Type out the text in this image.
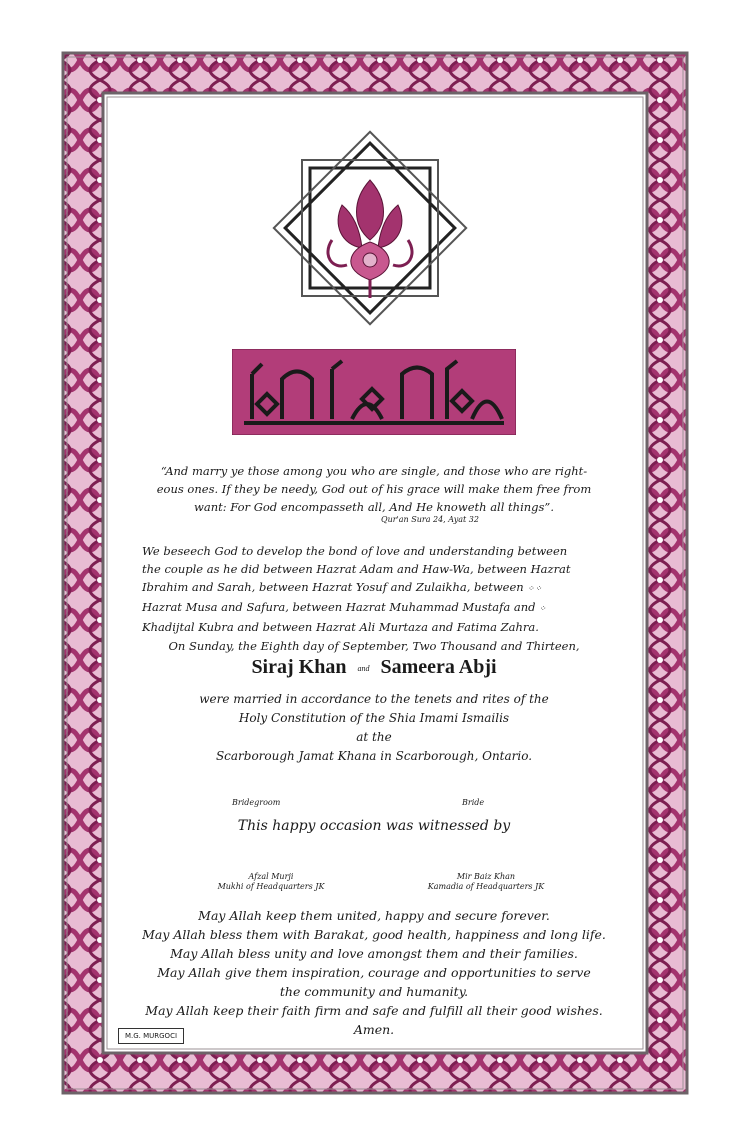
“And marry ye those among you who are single, and those who are right-
eous ones. If they be needy, God out of his grace will make them free from
want: For God encompasseth all, And He knoweth all things”.
Qur'an Sura 24, Ayat 32
We beseech God to develop the bond of love and understanding between
the couple as he did between Hazrat Adam and Haw-Wa, between Hazrat
Ibrahim and Sarah, between Hazrat Yosuf and Zulaikha, between ⁘⁘
Hazrat Musa and Safura, between Hazrat Muhammad Mustafa and ⁘
Khadijtal Kubra and between Hazrat Ali Murtaza and Fatima Zahra.
On Sunday, the Eighth day of September, Two Thousand and Thirteen,
Siraj Khan and Sameera Abji
were married in accordance to the tenets and rites of the
Holy Constitution of the Shia Imami Ismailis
at the
Scarborough Jamat Khana in Scarborough, Ontario.
Bridegroom	Bride
This happy occasion was witnessed by
Afzal Murji
Mukhi of Headquarters JK
Mir Baiz Khan
Kamadia of Headquarters JK
May Allah keep them united, happy and secure forever.
May Allah bless them with Barakat, good health, happiness and long life.
May Allah bless unity and love amongst them and their families.
May Allah give them inspiration, courage and opportunities to serve
the community and humanity.
May Allah keep their faith firm and safe and fulfill all their good wishes.
Amen.
M.G. MURGOCI
